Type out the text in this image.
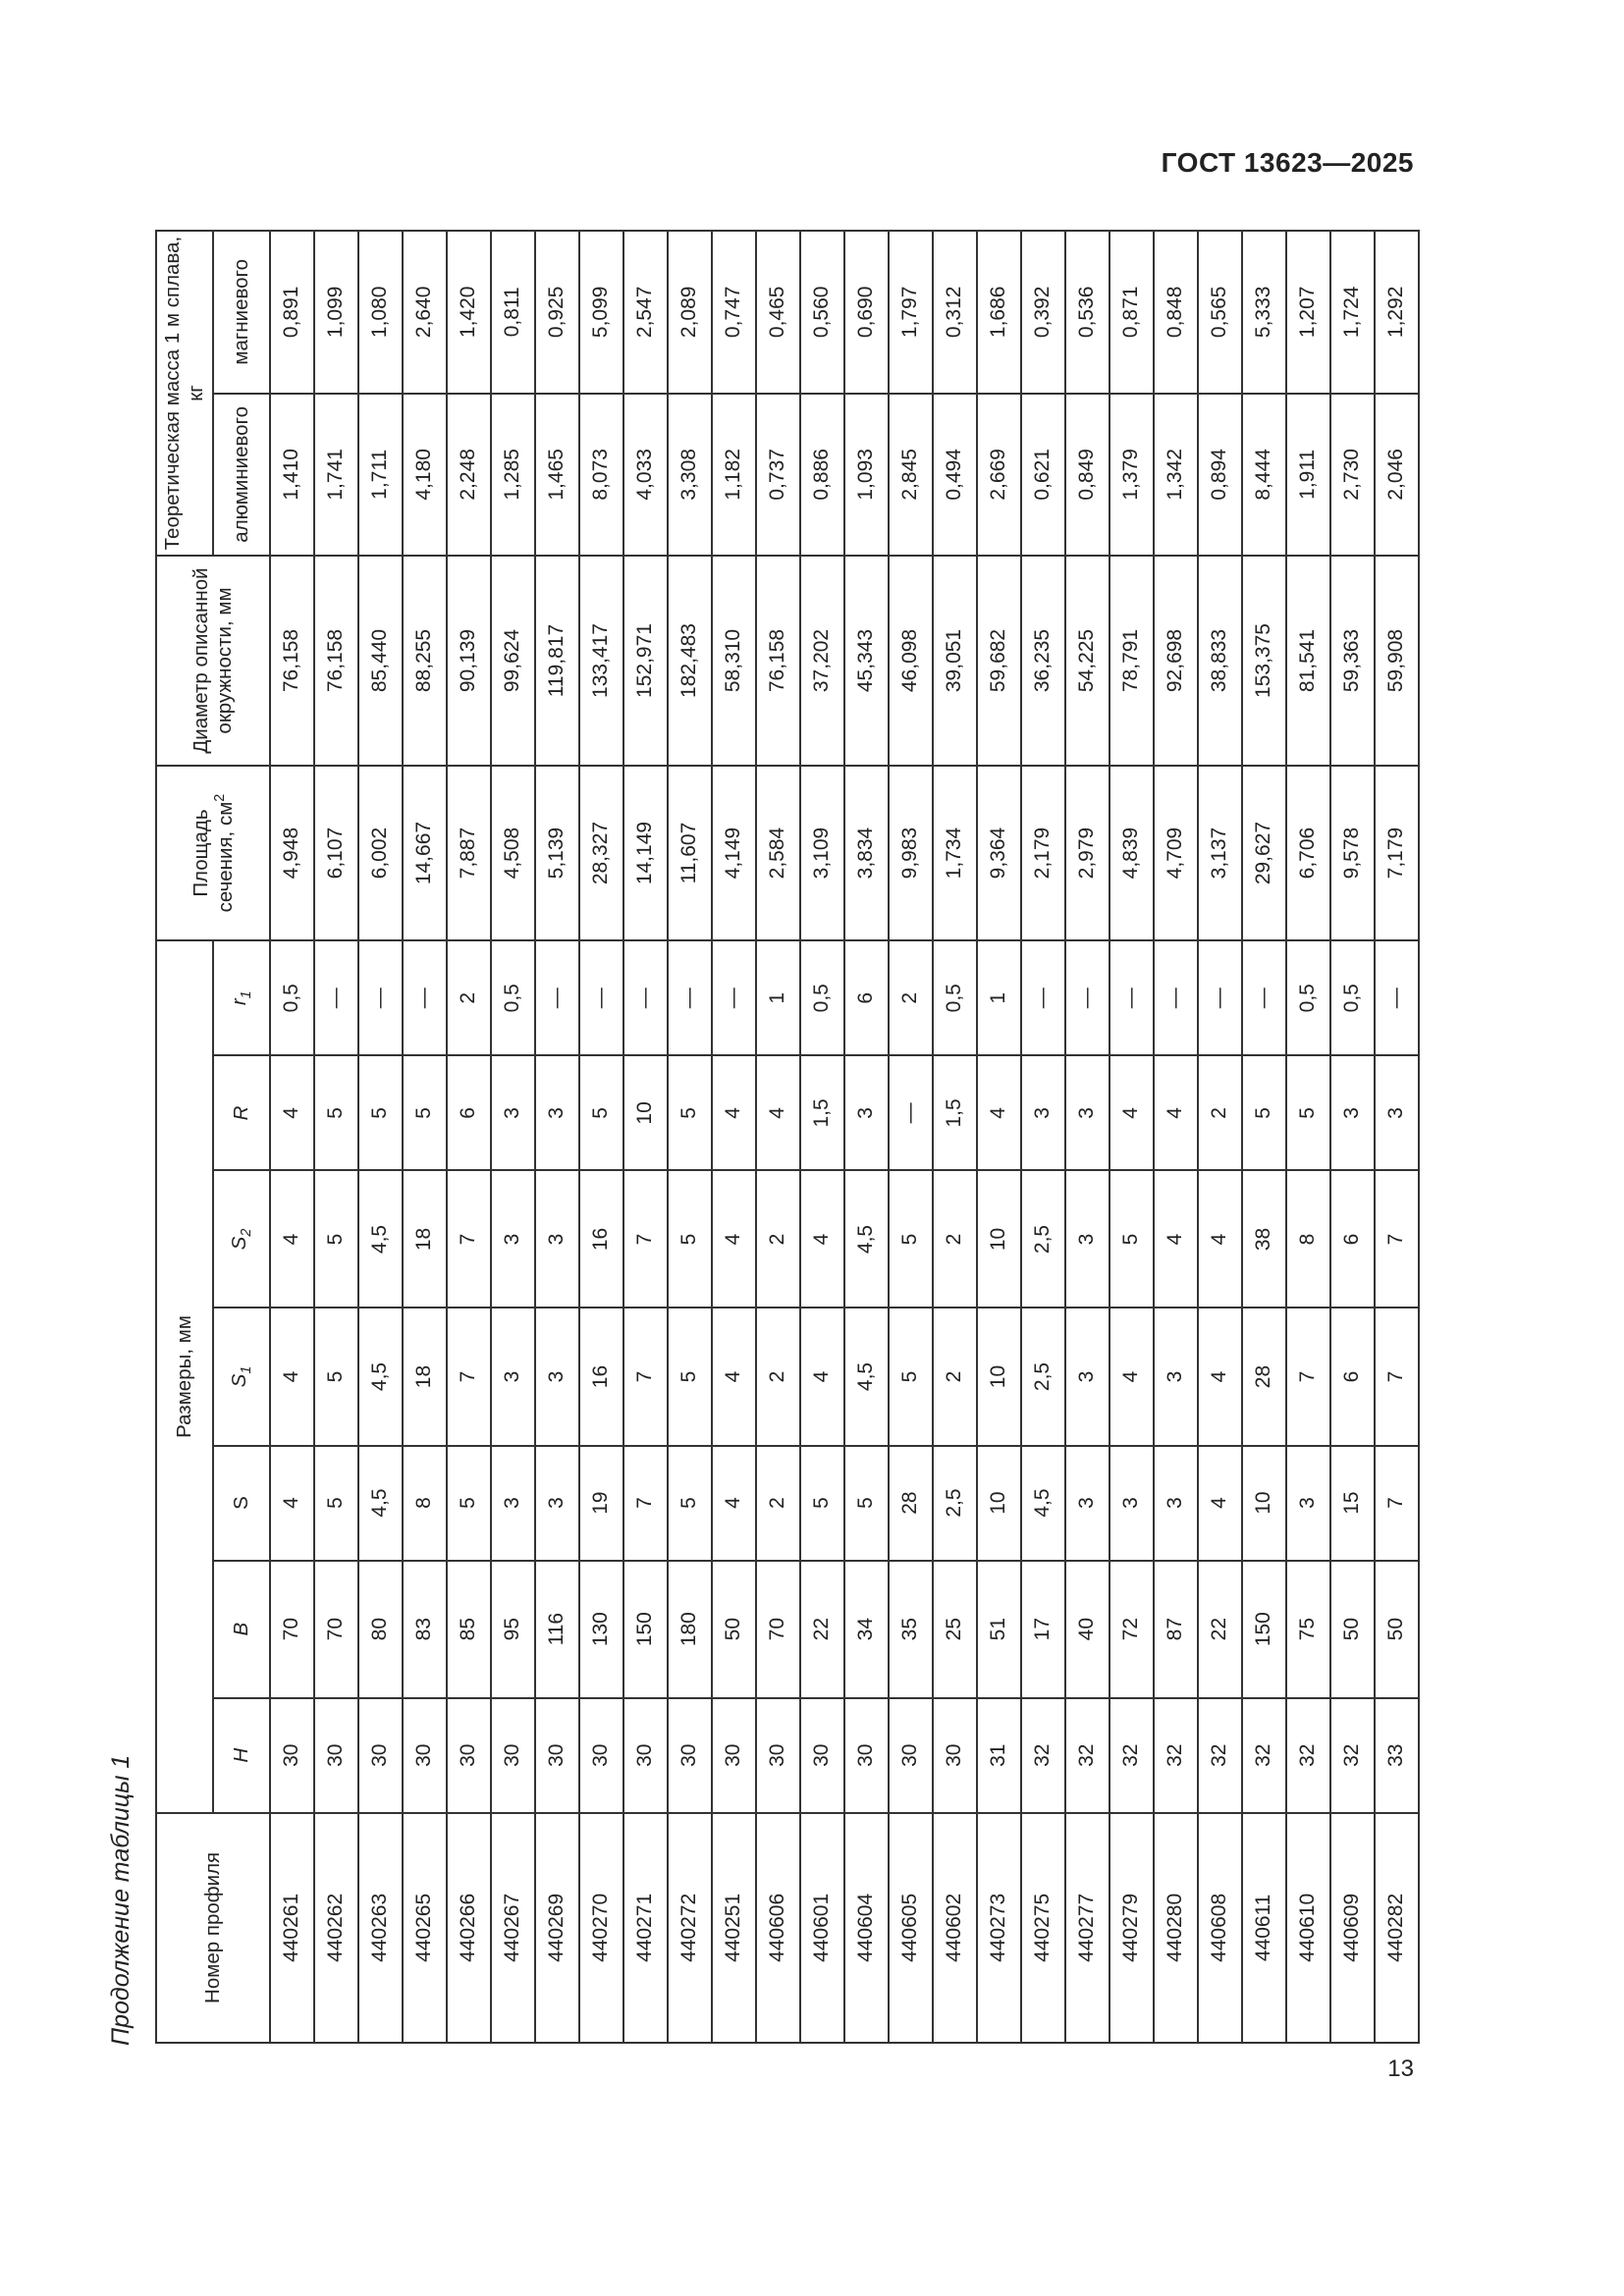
ГОСТ 13623—2025
Продолжение таблицы 1	Номер профиля	Размеры, мм							Площадь сечения, $см^2$	Диаметр описанной окружности, мм	Теоретическая масса 1 м сплава, кг	
	H	B	S	$S_1$	$S_2$	R	$r_1$			алюминиевого	магниевого
440261	30	70	4	4	4	4	0,5	4,948	76,158	1,410	0,891
440262	30	70	5	5	5	5	—	6,107	76,158	1,741	1,099
440263	30	80	4,5	4,5	4,5	5	—	6,002	85,440	1,711	1,080
440265	30	83	8	18	18	5	—	14,667	88,255	4,180	2,640
440266	30	85	5	7	7	6	2	7,887	90,139	2,248	1,420
440267	30	95	3	3	3	3	0,5	4,508	99,624	1,285	0,811
440269	30	116	3	3	3	3	—	5,139	119,817	1,465	0,925
440270	30	130	19	16	16	5	—	28,327	133,417	8,073	5,099
440271	30	150	7	7	7	10	—	14,149	152,971	4,033	2,547
440272	30	180	5	5	5	5	—	11,607	182,483	3,308	2,089
440251	30	50	4	4	4	4	—	4,149	58,310	1,182	0,747
440606	30	70	2	2	2	4	1	2,584	76,158	0,737	0,465
440601	30	22	5	4	4	1,5	0,5	3,109	37,202	0,886	0,560
440604	30	34	5	4,5	4,5	3	6	3,834	45,343	1,093	0,690
440605	30	35	28	5	5	—	2	9,983	46,098	2,845	1,797
440602	30	25	2,5	2	2	1,5	0,5	1,734	39,051	0,494	0,312
440273	31	51	10	10	10	4	1	9,364	59,682	2,669	1,686
440275	32	17	4,5	2,5	2,5	3	—	2,179	36,235	0,621	0,392
440277	32	40	3	3	3	3	—	2,979	54,225	0,849	0,536
440279	32	72	3	4	5	4	—	4,839	78,791	1,379	0,871
440280	32	87	3	3	4	4	—	4,709	92,698	1,342	0,848
440608	32	22	4	4	4	2	—	3,137	38,833	0,894	0,565
440611	32	150	10	28	38	5	—	29,627	153,375	8,444	5,333
440610	32	75	3	7	8	5	0,5	6,706	81,541	1,911	1,207
440609	32	50	15	6	6	3	0,5	9,578	59,363	2,730	1,724
440282	33	50	7	7	7	3	—	7,179	59,908	2,046	1,292
13
